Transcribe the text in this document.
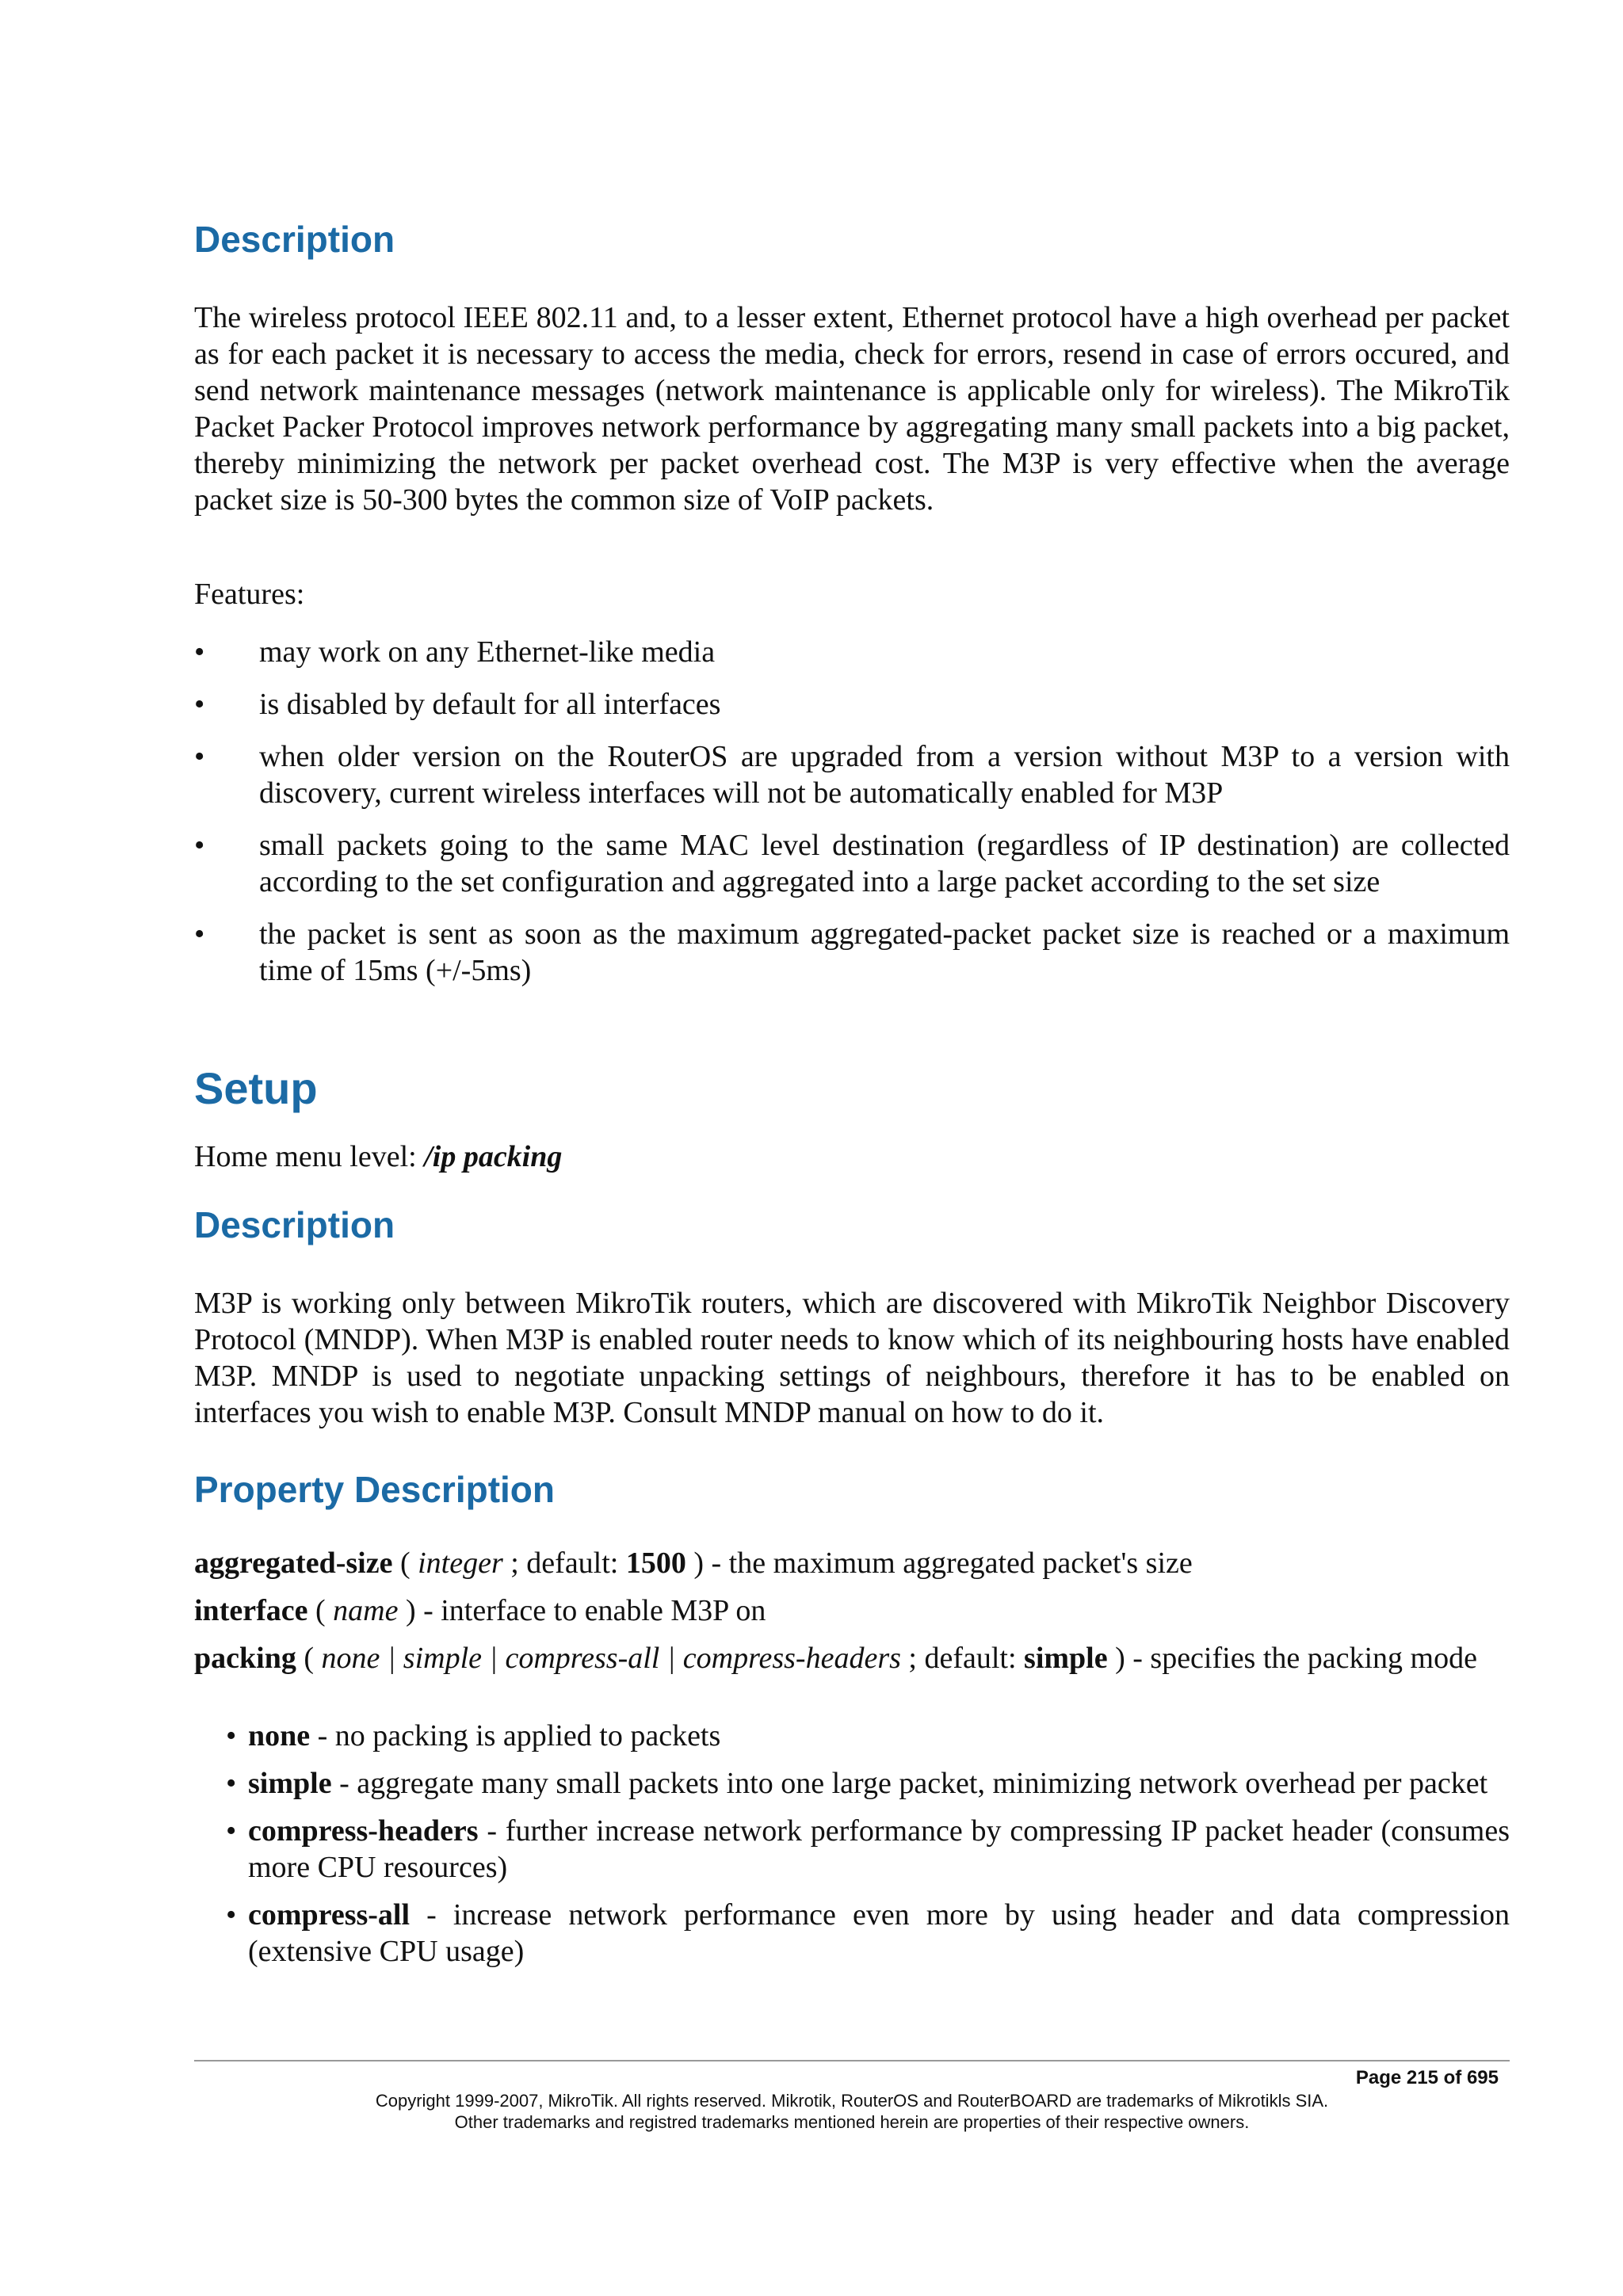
Description

The wireless protocol IEEE 802.11 and, to a lesser extent, Ethernet protocol have a high overhead per packet as for each packet it is necessary to access the media, check for errors, resend in case of errors occured, and send network maintenance messages (network maintenance is applicable only for wireless). The MikroTik Packet Packer Protocol improves network performance by aggregating many small packets into a big packet, thereby minimizing the network per packet overhead cost. The M3P is very effective when the average packet size is 50-300 bytes the common size of VoIP packets.

Features:

• may work on any Ethernet-like media
• is disabled by default for all interfaces
• when older version on the RouterOS are upgraded from a version without M3P to a version with discovery, current wireless interfaces will not be automatically enabled for M3P
• small packets going to the same MAC level destination (regardless of IP destination) are collected according to the set configuration and aggregated into a large packet according to the set size
• the packet is sent as soon as the maximum aggregated-packet packet size is reached or a maximum time of 15ms (+/-5ms)
Setup

Home menu level: /ip packing

Description

M3P is working only between MikroTik routers, which are discovered with MikroTik Neighbor Discovery Protocol (MNDP). When M3P is enabled router needs to know which of its neighbouring hosts have enabled M3P. MNDP is used to negotiate unpacking settings of neighbours, therefore it has to be enabled on interfaces you wish to enable M3P. Consult MNDP manual on how to do it.

Property Description

aggregated-size ( integer ; default: 1500 ) - the maximum aggregated packet's size

interface ( name ) - interface to enable M3P on

packing ( none | simple | compress-all | compress-headers ; default: simple ) - specifies the packing mode

• none - no packing is applied to packets
• simple - aggregate many small packets into one large packet, minimizing network overhead per packet
• compress-headers - further increase network performance by compressing IP packet header (consumes more CPU resources)
• compress-all - increase network performance even more by using header and data compression (extensive CPU usage)
Page 215 of 695
Copyright 1999-2007, MikroTik. All rights reserved. Mikrotik, RouterOS and RouterBOARD are trademarks of Mikrotikls SIA.
Other trademarks and registred trademarks mentioned herein are properties of their respective owners.
